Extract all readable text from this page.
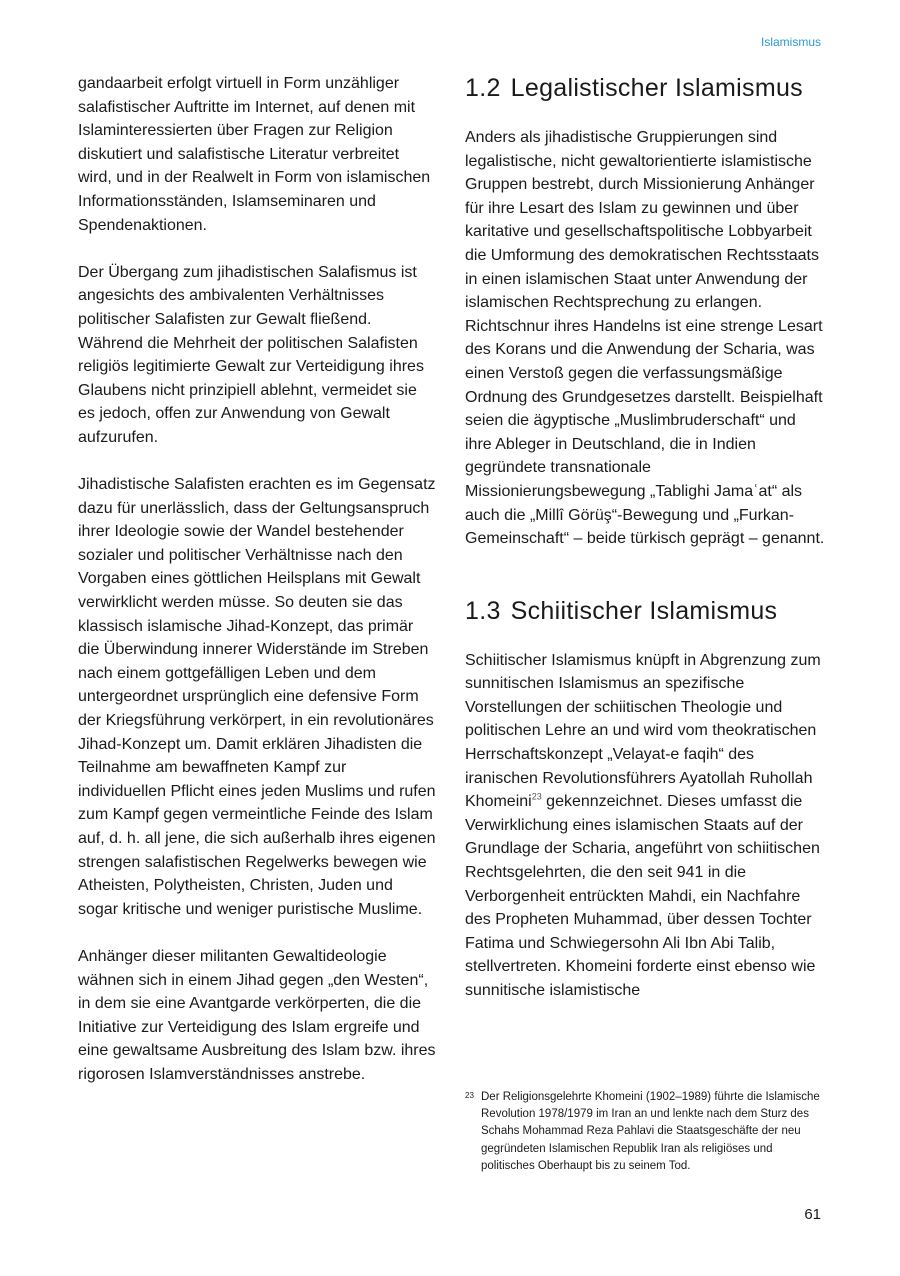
Islamismus

gandaarbeit erfolgt virtuell in Form unzähliger salafistischer Auftritte im Internet, auf denen mit Islaminteressierten über Fragen zur Religion diskutiert und salafistische Literatur verbreitet wird, und in der Realwelt in Form von islamischen Informationsständen, Islamseminaren und Spendenaktionen.

Der Übergang zum jihadistischen Salafismus ist angesichts des ambivalenten Verhältnisses politischer Salafisten zur Gewalt fließend. Während die Mehrheit der politischen Salafisten religiös legitimierte Gewalt zur Verteidigung ihres Glaubens nicht prinzipiell ablehnt, vermeidet sie es jedoch, offen zur Anwendung von Gewalt aufzurufen.

Jihadistische Salafisten erachten es im Gegensatz dazu für unerlässlich, dass der Geltungsanspruch ihrer Ideologie sowie der Wandel bestehender sozialer und politischer Verhältnisse nach den Vorgaben eines göttlichen Heilsplans mit Gewalt verwirklicht werden müsse. So deuten sie das klassisch islamische Jihad-Konzept, das primär die Überwindung innerer Widerstände im Streben nach einem gottgefälligen Leben und dem untergeordnet ursprünglich eine defensive Form der Kriegsführung verkörpert, in ein revolutionäres Jihad-Konzept um. Damit erklären Jihadisten die Teilnahme am bewaffneten Kampf zur individuellen Pflicht eines jeden Muslims und rufen zum Kampf gegen vermeintliche Feinde des Islam auf, d. h. all jene, die sich außerhalb ihres eigenen strengen salafistischen Regelwerks bewegen wie Atheisten, Polytheisten, Christen, Juden und sogar kritische und weniger puristische Muslime.

Anhänger dieser militanten Gewaltideologie wähnen sich in einem Jihad gegen „den Westen“, in dem sie eine Avantgarde verkörperten, die die Initiative zur Verteidigung des Islam ergreife und eine gewaltsame Ausbreitung des Islam bzw. ihres rigorosen Islamverständnisses anstrebe.

1.2 Legalistischer Islamismus

Anders als jihadistische Gruppierungen sind legalistische, nicht gewaltorientierte islamistische Gruppen bestrebt, durch Missionierung Anhänger für ihre Lesart des Islam zu gewinnen und über karitative und gesellschaftspolitische Lobbyarbeit die Umformung des demokratischen Rechtsstaats in einen islamischen Staat unter Anwendung der islamischen Rechtsprechung zu erlangen. Richtschnur ihres Handelns ist eine strenge Lesart des Korans und die Anwendung der Scharia, was einen Verstoß gegen die verfassungsmäßige Ordnung des Grundgesetzes darstellt. Beispielhaft seien die ägyptische „Muslimbruderschaft“ und ihre Ableger in Deutschland, die in Indien gegründete transnationale Missionierungsbewegung „Tablighi Jamaʿat“ als auch die „Millî Görüş“-Bewegung und „Furkan-Gemeinschaft“ – beide türkisch geprägt – genannt.

1.3 Schiitischer Islamismus

Schiitischer Islamismus knüpft in Abgrenzung zum sunnitischen Islamismus an spezifische Vorstellungen der schiitischen Theologie und politischen Lehre an und wird vom theokratischen Herrschaftskonzept „Velayat-e faqih“ des iranischen Revolutionsführers Ayatollah Ruhollah Khomeini$^{23}$ gekennzeichnet. Dieses umfasst die Verwirklichung eines islamischen Staats auf der Grundlage der Scharia, angeführt von schiitischen Rechtsgelehrten, die den seit 941 in die Verborgenheit entrückten Mahdi, ein Nachfahre des Propheten Muhammad, über dessen Tochter Fatima und Schwiegersohn Ali Ibn Abi Talib, stellvertreten. Khomeini forderte einst ebenso wie sunnitische islamistische

23 Der Religionsgelehrte Khomeini (1902–1989) führte die Islamische Revolution 1978/1979 im Iran an und lenkte nach dem Sturz des Schahs Mohammad Reza Pahlavi die Staatsgeschäfte der neu gegründeten Islamischen Republik Iran als religiöses und politisches Oberhaupt bis zu seinem Tod.
61
